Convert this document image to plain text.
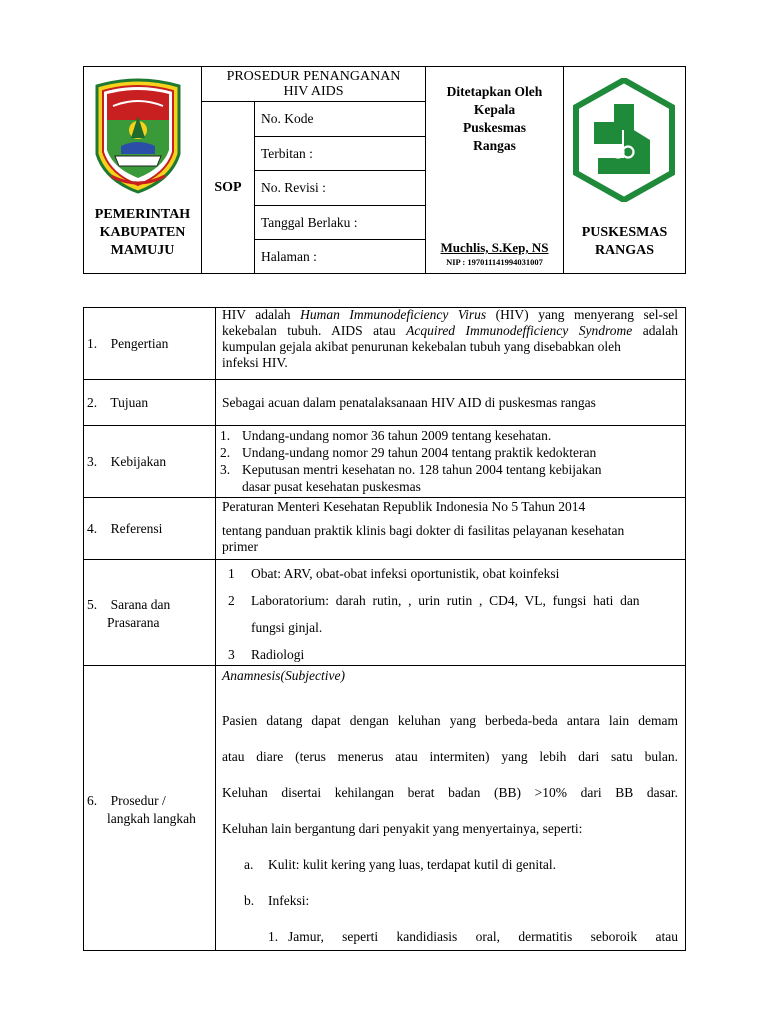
PEMERINTAH
KABUPATEN
MAMUJU
PROSEDUR PENANGANAN
HIV AIDS
SOP
No. Kode
Terbitan :
No. Revisi :
Tanggal Berlaku :
Halaman :
Ditetapkan Oleh
Kepala
Puskesmas
Rangas
Muchlis, S.Kep, NS
NIP : 197011141994031007
PUSKESMAS
RANGAS
1.    Pengertian
HIV adalah Human Immunodeficiency Virus (HIV) yang menyerang sel-sel
kekebalan tubuh. AIDS atau Acquired Immunodefficiency Syndrome adalah
kumpulan gejala akibat penurunan kekebalan tubuh yang disebabkan oleh
infeksi HIV.
2.    Tujuan	Sebagai acuan dalam penatalaksanaan HIV AID di puskesmas rangas
3.    Kebijakan
1. Undang-undang nomor 36 tahun 2009 tentang kesehatan.
2. Undang-undang nomor 29 tahun 2004 tentang praktik kedokteran
3. Keputusan mentri kesehatan no. 128 tahun 2004 tentang kebijakan
dasar pusat kesehatan puskesmas
4.    Referensi
Peraturan Menteri Kesehatan Republik Indonesia No 5 Tahun 2014
tentang panduan praktik klinis bagi dokter di fasilitas pelayanan kesehatan
primer
5.    Sarana dan
Prasarana
1 Obat: ARV, obat-obat infeksi oportunistik, obat koinfeksi
2	Laboratorium:  darah  rutin,  ,  urin  rutin  ,  CD4,  VL,  fungsi  hati  dan
fungsi ginjal.
3 Radiologi
6.    Prosedur /
langkah langkah
Anamnesis(Subjective)
Pasien datang dapat dengan keluhan yang berbeda-beda antara lain demam
atau diare (terus menerus atau intermiten) yang lebih dari satu bulan.
Keluhan disertai kehilangan berat badan (BB) >10% dari BB dasar.
Keluhan lain bergantung dari penyakit yang menyertainya, seperti:
a. Kulit: kulit kering yang luas, terdapat kutil di genital.
b. Infeksi:
1. Jamur,  seperti  kandidiasis  oral,  dermatitis  seboroik  atau
